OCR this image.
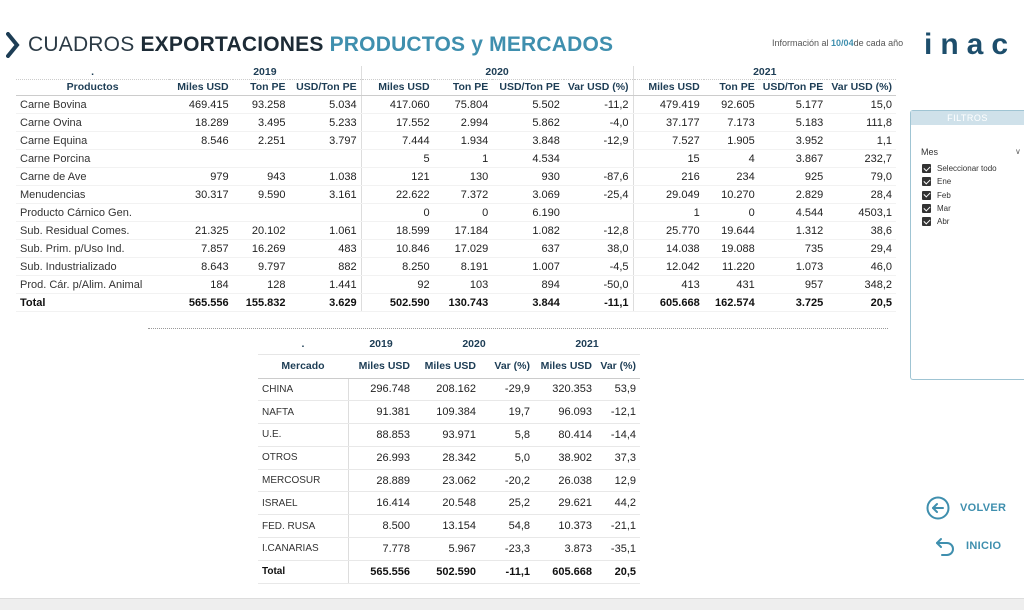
CUADROS EXPORTACIONES PRODUCTOS y MERCADOS	Información al 10/04de cada año inac
.	2019			2020				2021			
Productos	Miles USD	Ton PE	USD/Ton PE	Miles USD	Ton PE	USD/Ton PE	Var USD (%)	Miles USD	Ton PE	USD/Ton PE	Var USD (%)
Carne Bovina	469.415	93.258	5.034	417.060	75.804	5.502	-11,2	479.419	92.605	5.177	15,0
Carne Ovina	18.289	3.495	5.233	17.552	2.994	5.862	-4,0	37.177	7.173	5.183	111,8
Carne Equina	8.546	2.251	3.797	7.444	1.934	3.848	-12,9	7.527	1.905	3.952	1,1
Carne Porcina				5	1	4.534		15	4	3.867	232,7
Carne de Ave	979	943	1.038	121	130	930	-87,6	216	234	925	79,0
Menudencias	30.317	9.590	3.161	22.622	7.372	3.069	-25,4	29.049	10.270	2.829	28,4
Producto Cárnico Gen.				0	0	6.190		1	0	4.544	4503,1
Sub. Residual Comes.	21.325	20.102	1.061	18.599	17.184	1.082	-12,8	25.770	19.644	1.312	38,6
Sub. Prim. p/Uso Ind.	7.857	16.269	483	10.846	17.029	637	38,0	14.038	19.088	735	29,4
Sub. Industrializado	8.643	9.797	882	8.250	8.191	1.007	-4,5	12.042	11.220	1.073	46,0
Prod. Cár. p/Alim. Animal	184	128	1.441	92	103	894	-50,0	413	431	957	348,2
Total	565.556	155.832	3.629	502.590	130.743	3.844	-11,1	605.668	162.574	3.725	20,5
.	2019	2020		2021	
Mercado	Miles USD	Miles USD	Var (%)	Miles USD	Var (%)
CHINA	296.748	208.162	-29,9	320.353	53,9
NAFTA	91.381	109.384	19,7	96.093	-12,1
U.E.	88.853	93.971	5,8	80.414	-14,4
OTROS	26.993	28.342	5,0	38.902	37,3
MERCOSUR	28.889	23.062	-20,2	26.038	12,9
ISRAEL	16.414	20.548	25,2	29.621	44,2
FED. RUSA	8.500	13.154	54,8	10.373	-21,1
I.CANARIAS	7.778	5.967	-23,3	3.873	-35,1
Total	565.556	502.590	-11,1	605.668	20,5
FILTROS
Mes	∨
Seleccionar todo
Ene
Feb
Mar
Abr
VOLVER
INICIO
